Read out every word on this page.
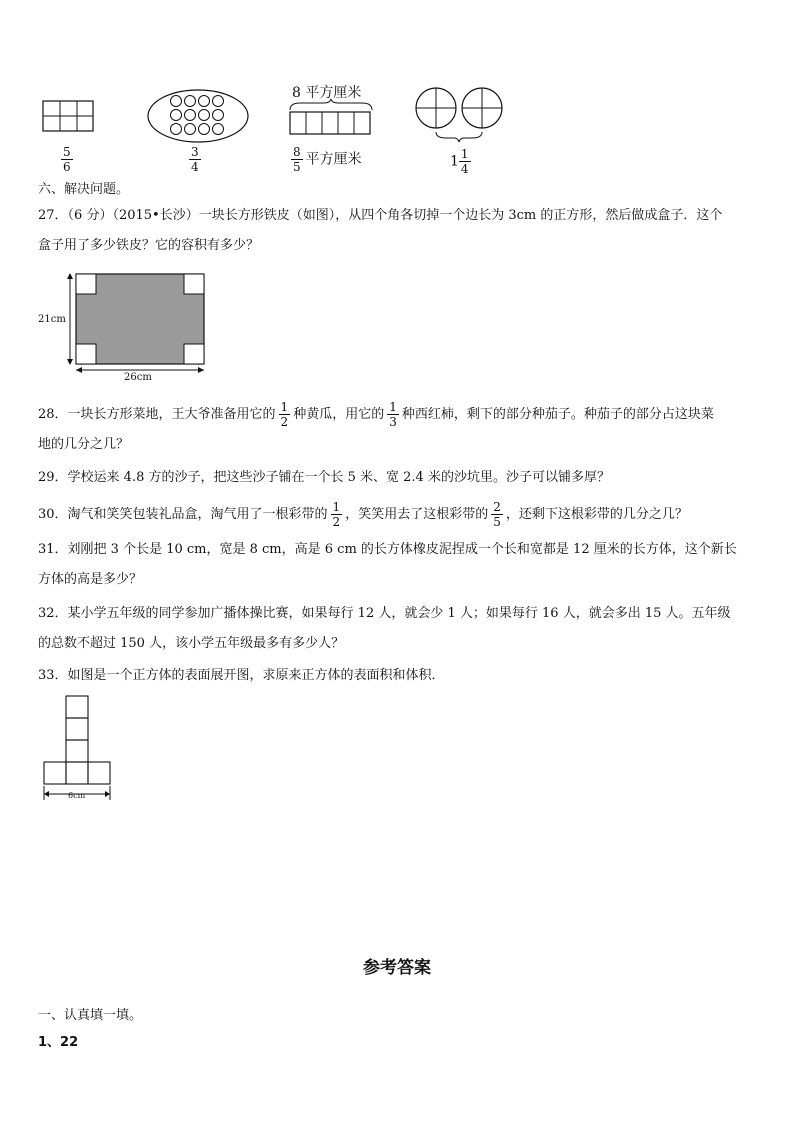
$\frac{5}{6}$	$\frac{3}{4}$
8 平方厘米
$\frac{8}{5}$ 平方厘米	$1 \frac{1}{4}$
六、解决问题。
27．（6 分）（2015•长沙）一块长方形铁皮（如图），从四个角各切掉一个边长为 3cm 的正方形，然后做成盒子．这个
盒子用了多少铁皮？它的容积有多少？
21cm
26cm
28．一块长方形菜地，王大爷准备用它的 $\frac{1}{2}$ 种黄瓜，用它的 $\frac{1}{3}$ 种西红柿，剩下的部分种茄子。种茄子的部分占这块菜
地的几分之几？
29．学校运来 4.8 方的沙子，把这些沙子铺在一个长 5 米、宽 2.4 米的沙坑里。沙子可以铺多厚？
30．淘气和笑笑包装礼品盒，淘气用了一根彩带的 $\frac{1}{2}$ ，笑笑用去了这根彩带的 $\frac{2}{5}$ ，还剩下这根彩带的几分之几？
31．刘刚把 3 个长是 10 cm，宽是 8 cm，高是 6 cm 的长方体橡皮泥捏成一个长和宽都是 12 厘米的长方体，这个新长
方体的高是多少？
32．某小学五年级的同学参加广播体操比赛，如果每行 12 人，就会少 1 人；如果每行 16 人，就会多出 15 人。五年级
的总数不超过 150 人，该小学五年级最多有多少人？
33．如图是一个正方体的表面展开图，求原来正方体的表面积和体积．
6cm
参考答案
一、认真填一填。
1、22
